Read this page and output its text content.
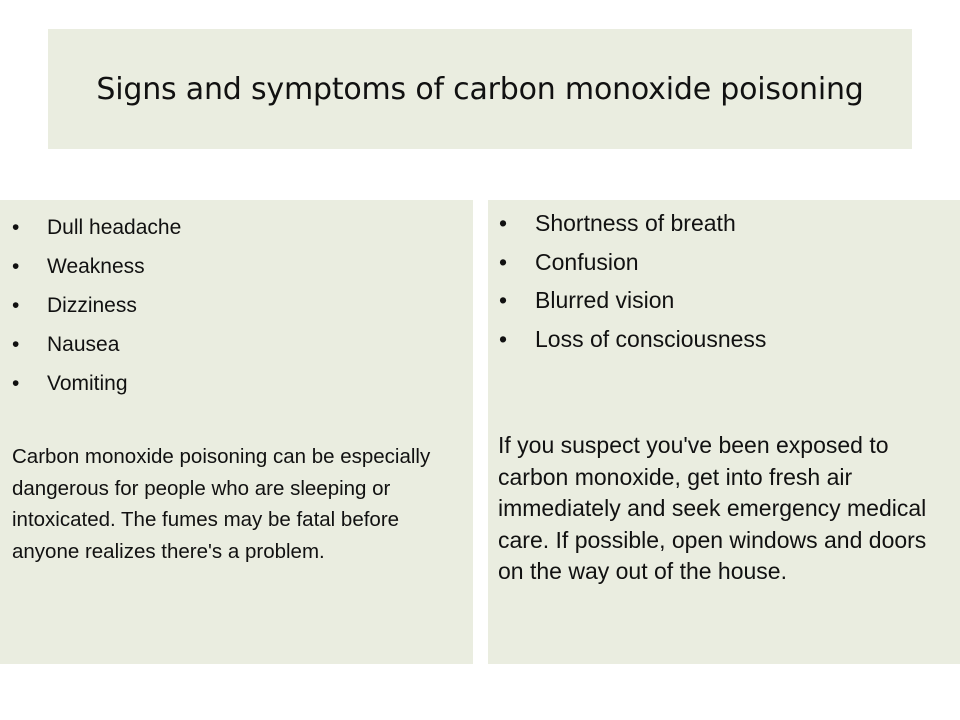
Signs and symptoms of carbon monoxide poisoning
• Dull headache
• Weakness
• Dizziness
• Nausea
• Vomiting

Carbon monoxide poisoning can be especially dangerous for people who are sleeping or intoxicated. The fumes may be fatal before anyone realizes there's a problem.

• Shortness of breath
• Confusion
• Blurred vision
• Loss of consciousness

If you suspect you've been exposed to carbon monoxide, get into fresh air immediately and seek emergency medical care. If possible, open windows and doors on the way out of the house.
